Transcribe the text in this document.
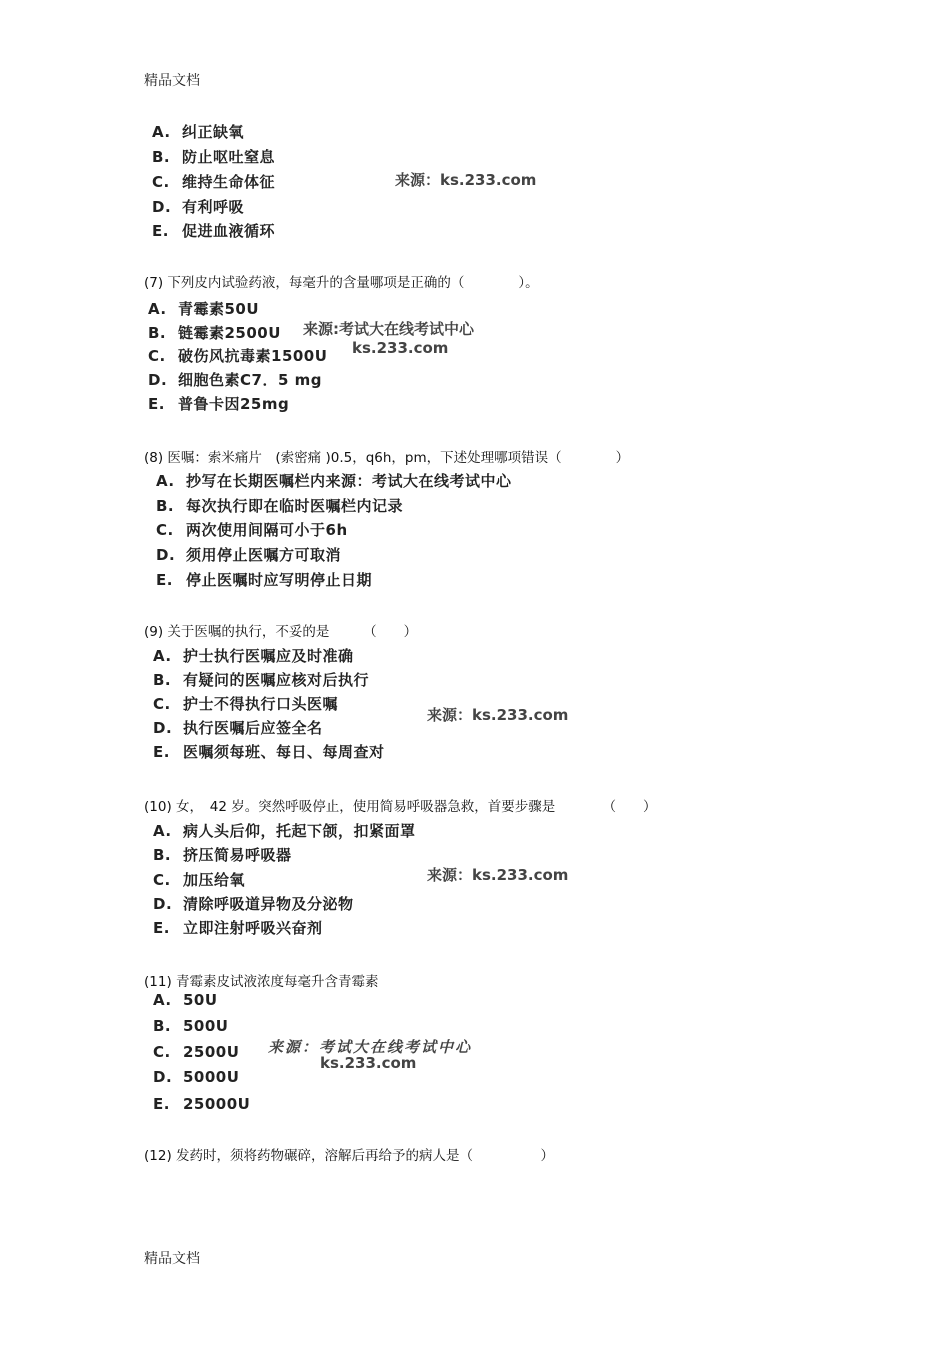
精品文档
A. 纠正缺氧
B. 防止呕吐窒息
C. 维持生命体征
D. 有利呼吸
E. 促进血液循环
来源：ks.233.com
(7) 下列皮内试验药液，每毫升的含量哪项是正确的（　　　　）。
A. 青霉素50U
B. 链霉素2500U
C. 破伤风抗毒素1500U
D. 细胞色素C7．5 mg
E. 普鲁卡因25mg
来源:考试大在线考试中心
ks.233.com
(8) 医嘱：索米痛片　(索密痛 )0.5，q6h，pm，下述处理哪项错误（　　　　）
A. 抄写在长期医嘱栏内来源：考试大在线考试中心
B. 每次执行即在临时医嘱栏内记录
C. 两次使用间隔可小于6h
D. 须用停止医嘱方可取消
E. 停止医嘱时应写明停止日期
(9) 关于医嘱的执行，不妥的是　　　（　　）
A. 护士执行医嘱应及时准确
B. 有疑问的医嘱应核对后执行
C. 护士不得执行口头医嘱
D. 执行医嘱后应签全名
E. 医嘱须每班、每日、每周查对
来源：ks.233.com
(10) 女，　42 岁。突然呼吸停止，使用简易呼吸器急救，首要步骤是　　　　（　　）
A. 病人头后仰，托起下颌，扣紧面罩
B. 挤压简易呼吸器
C. 加压给氧
D. 清除呼吸道异物及分泌物
E. 立即注射呼吸兴奋剂
来源：ks.233.com
(11) 青霉素皮试液浓度每毫升含青霉素
A. 50U
B. 500U
C. 2500U
D. 5000U
E. 25000U
来源：考试大在线考试中心
ks.233.com
(12) 发药时，须将药物碾碎，溶解后再给予的病人是（　　　　　）
精品文档
